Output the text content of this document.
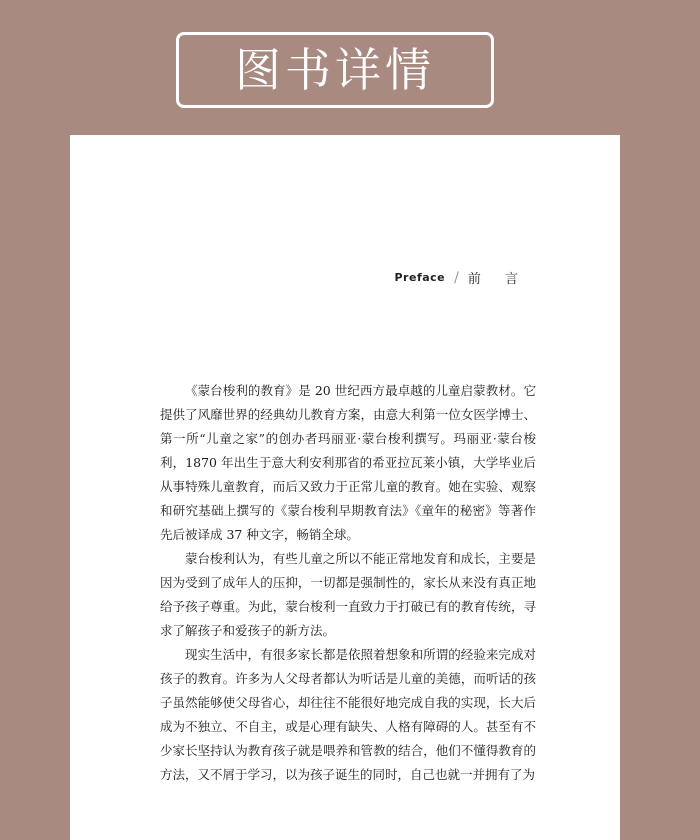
图书详情
Preface / 前 言

《蒙台梭利的教育》是 20 世纪西方最卓越的儿童启蒙教材。它提供了风靡世界的经典幼儿教育方案，由意大利第一位女医学博士、第一所“儿童之家”的创办者玛丽亚·蒙台梭利撰写。玛丽亚·蒙台梭利，1870 年出生于意大利安利那省的希亚拉瓦莱小镇，大学毕业后从事特殊儿童教育，而后又致力于正常儿童的教育。她在实验、观察和研究基础上撰写的《蒙台梭利早期教育法》《童年的秘密》等著作先后被译成 37 种文字，畅销全球。

蒙台梭利认为，有些儿童之所以不能正常地发育和成长，主要是因为受到了成年人的压抑，一切都是强制性的，家长从来没有真正地给予孩子尊重。为此，蒙台梭利一直致力于打破已有的教育传统，寻求了解孩子和爱孩子的新方法。

现实生活中，有很多家长都是依照着想象和所谓的经验来完成对孩子的教育。许多为人父母者都认为听话是儿童的美德，而听话的孩子虽然能够使父母省心，却往往不能很好地完成自我的实现，长大后成为不独立、不自主，或是心理有缺失、人格有障碍的人。甚至有不少家长坚持认为教育孩子就是喂养和管教的结合，他们不懂得教育的方法，又不屑于学习，以为孩子诞生的同时，自己也就一并拥有了为
